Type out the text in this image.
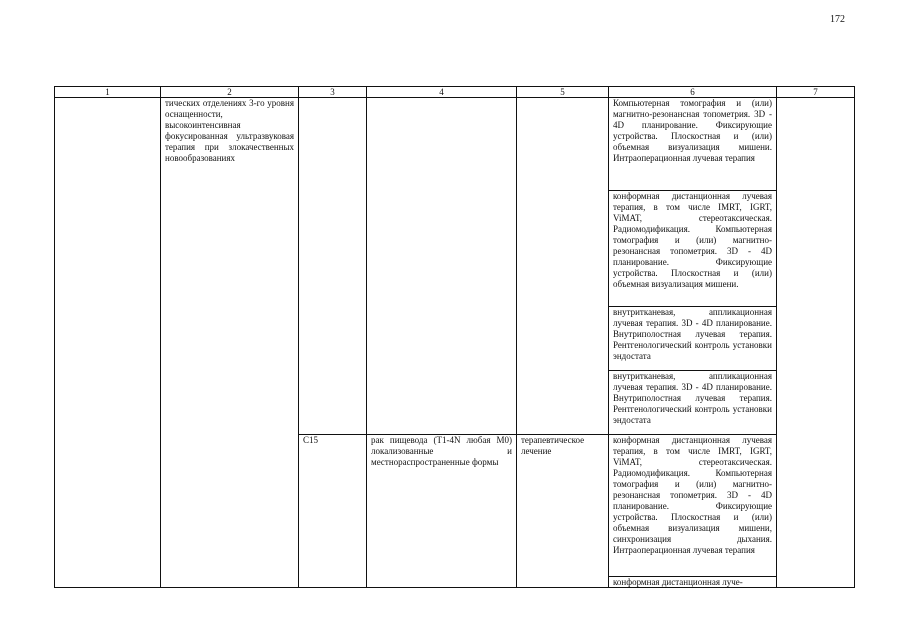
172
1	2	3	4	5	6	7
	тических отделениях 3-го уровня оснащенности, высокоинтенсивная фокусированная ультразвуковая терапия при злокачественных новообразованиях				Компьютерная томография и (или) магнитно-резонансная топометрия. 3D - 4D планирование. Фиксирующие устройства. Плоскостная и (или) объемная визуализация мишени. Интраоперационная лучевая терапия	
					конформная дистанционная лучевая терапия, в том числе IMRT, IGRT, ViMAT, стереотаксическая. Радиомодификация. Компьютерная томография и (или) магнитно-резонансная топометрия. 3D - 4D планирование. Фиксирующие устройства. Плоскостная и (или) объемная визуализация мишени.	
					внутритканевая, аппликационная лучевая терапия. 3D - 4D планирование. Внутриполостная лучевая терапия. Рентгенологический контроль установки эндостата	
					внутритканевая, аппликационная лучевая терапия. 3D - 4D планирование. Внутриполостная лучевая терапия. Рентгенологический контроль установки эндостата	
		C15	рак пищевода (T1-4N любая M0) локализованные и местнораспространенные формы	терапевтическое лечение	конформная дистанционная лучевая терапия, в том числе IMRT, IGRT, ViMAT, стереотаксическая. Радиомодификация. Компьютерная томография и (или) магнитно-резонансная топометрия. 3D - 4D планирование. Фиксирующие устройства. Плоскостная и (или) объемная визуализация мишени, синхронизация дыхания. Интраоперационная лучевая терапия	
					конформная дистанционная луче-	
